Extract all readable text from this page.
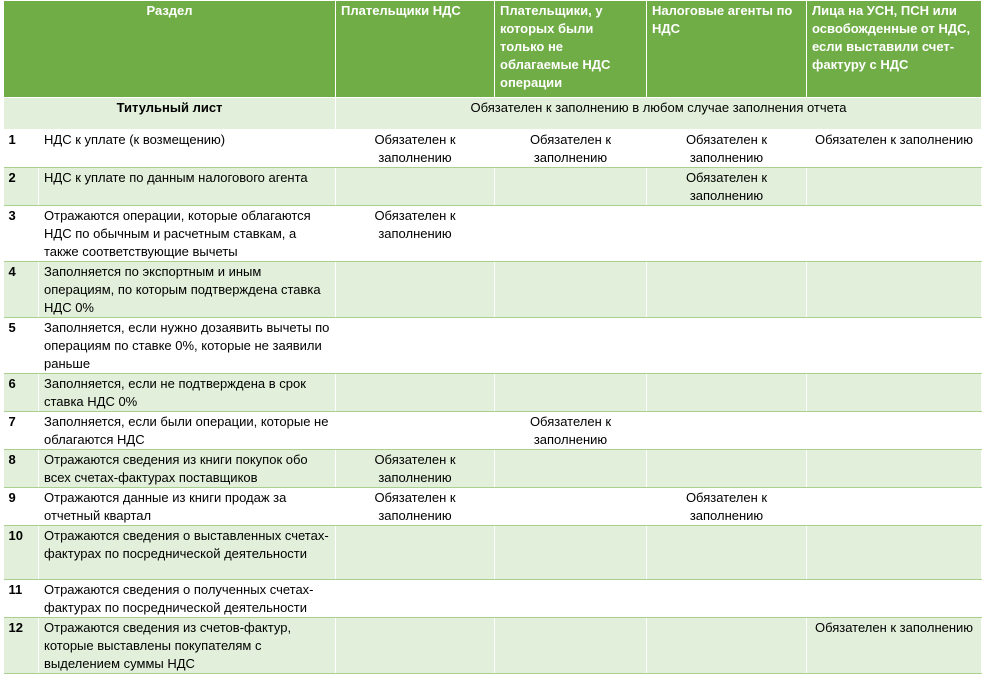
Раздел		Плательщики НДС	Плательщики, у которых были только не облагаемые НДС операции	Налоговые агенты по НДС	Лица на УСН, ПСН или освобожденные от НДС, если выставили счет-фактуру с НДС
Титульный лист		Обязателен к заполнению в любом случае заполнения отчета			
1	НДС к уплате (к возмещению)	Обязателен к заполнению	Обязателен к заполнению	Обязателен к заполнению	Обязателен к заполнению
2	НДС к уплате по данным налогового агента			Обязателен к заполнению	
3	Отражаются операции, которые облагаются НДС по обычным и расчетным ставкам, а также соответствующие вычеты	Обязателен к заполнению			
4	Заполняется по экспортным и иным операциям, по которым подтверждена ставка НДС 0%				
5	Заполняется, если нужно дозаявить вычеты по операциям по ставке 0%, которые не заявили раньше				
6	Заполняется, если не подтверждена в срок ставка НДС 0%				
7	Заполняется, если были операции, которые не облагаются НДС		Обязателен к заполнению		
8	Отражаются сведения из книги покупок обо всех счетах-фактурах поставщиков	Обязателен к заполнению			
9	Отражаются данные из книги продаж за отчетный квартал	Обязателен к заполнению		Обязателен к заполнению	
10	Отражаются сведения о выставленных счетах-фактурах по посреднической деятельности				
11	Отражаются сведения о полученных счетах-фактурах по посреднической деятельности				
12	Отражаются сведения из счетов-фактур, которые выставлены покупателям с выделением суммы НДС				Обязателен к заполнению
